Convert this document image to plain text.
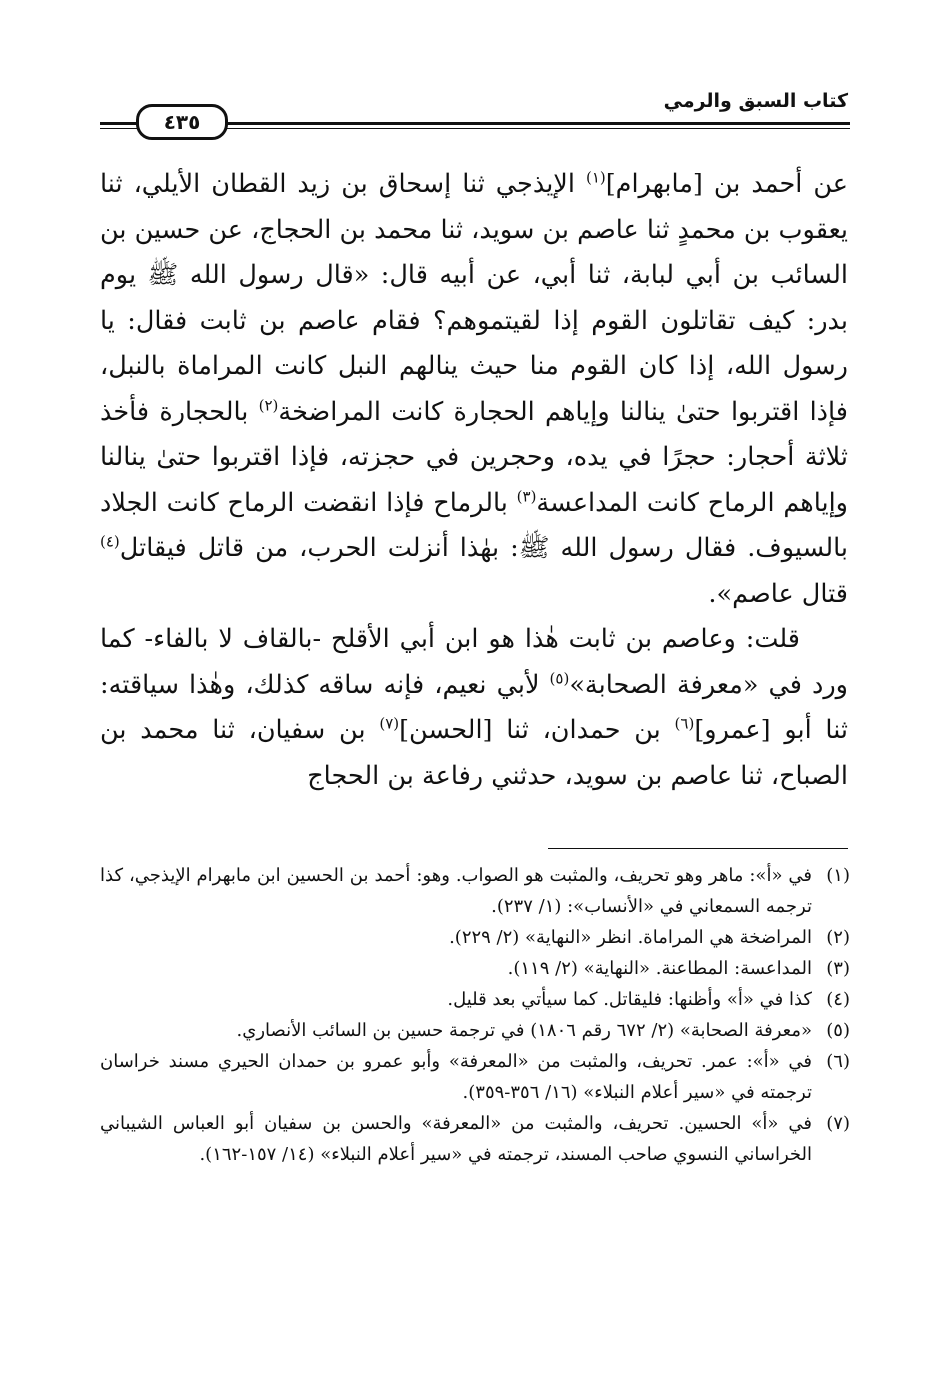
كتاب السبق والرمي
٤٣٥

عن أحمد بن [مابهرام]$^{(١)}$ الإيذجي ثنا إسحاق بن زيد القطان الأيلي، ثنا يعقوب بن محمدٍ ثنا عاصم بن سويد، ثنا محمد بن الحجاج، عن حسين بن السائب بن أبي لبابة، ثنا أبي، عن أبيه قال: «قال رسول الله ﷺ يوم بدر: كيف تقاتلون القوم إذا لقيتموهم؟ فقام عاصم بن ثابت فقال: يا رسول الله، إذا كان القوم منا حيث ينالهم النبل كانت المراماة بالنبل، فإذا اقتربوا حتىٰ ينالنا وإياهم الحجارة كانت المراضخة$^{(٢)}$ بالحجارة فأخذ ثلاثة أحجار: حجرًا في يده، وحجرين في حجزته، فإذا اقتربوا حتىٰ ينالنا وإياهم الرماح كانت المداعسة$^{(٣)}$ بالرماح فإذا انقضت الرماح كانت الجلاد بالسيوف. فقال رسول الله ﷺ: بهٰذا أنزلت الحرب، من قاتل فيقاتل$^{(٤)}$ قتال عاصم».

قلت: وعاصم بن ثابت هٰذا هو ابن أبي الأقلح -بالقاف لا بالفاء- كما ورد في «معرفة الصحابة»$^{(٥)}$ لأبي نعيم، فإنه ساقه كذلك، وهٰذا سياقته: ثنا أبو [عمرو]$^{(٦)}$ بن حمدان، ثنا [الحسن]$^{(٧)}$ بن سفيان، ثنا محمد بن الصباح، ثنا عاصم بن سويد، حدثني رفاعة بن الحجاج

(١)
في «أ»: ماهر وهو تحريف، والمثبت هو الصواب. وهو: أحمد بن الحسين ابن مابهرام الإيذجي، كذا ترجمه السمعاني في «الأنساب»: (١/ ٢٣٧).
(٢)
المراضخة هي المراماة. انظر «النهاية» (٢/ ٢٢٩).
(٣)
المداعسة: المطاعنة. «النهاية» (٢/ ١١٩).
(٤)
كذا في «أ» وأظنها: فليقاتل. كما سيأتي بعد قليل.
(٥)
«معرفة الصحابة» (٢/ ٦٧٢ رقم ١٨٠٦) في ترجمة حسين بن السائب الأنصاري.
(٦)
في «أ»: عمر. تحريف، والمثبت من «المعرفة» وأبو عمرو بن حمدان الحيري مسند خراسان ترجمته في «سير أعلام النبلاء» (١٦/ ٣٥٦-٣٥٩).
(٧)
في «أ» الحسين. تحريف، والمثبت من «المعرفة» والحسن بن سفيان أبو العباس الشيباني الخراساني النسوي صاحب المسند، ترجمته في «سير أعلام النبلاء» (١٤/ ١٥٧-١٦٢).
